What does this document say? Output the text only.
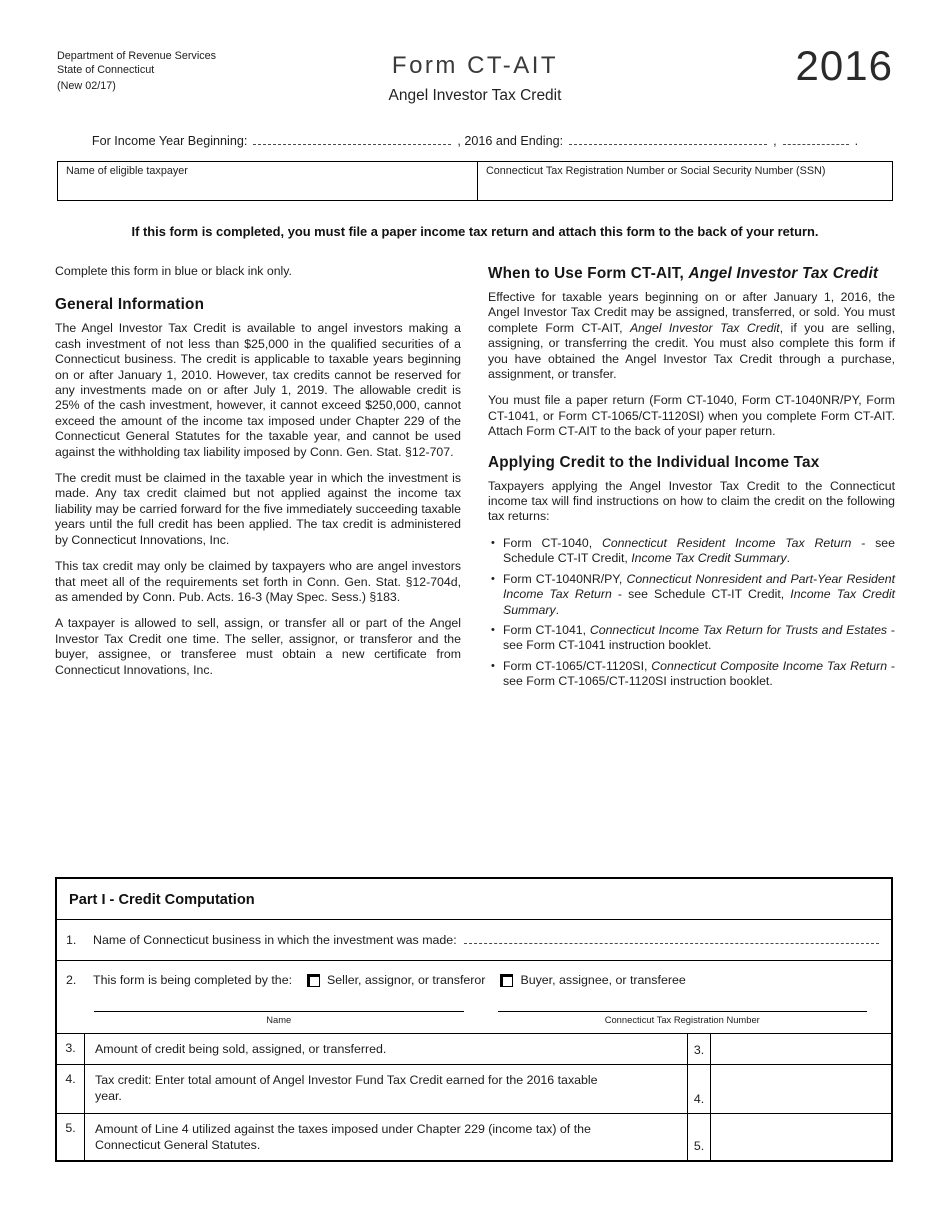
Department of Revenue Services
State of Connecticut
(New 02/17)
Form CT-AIT
Angel Investor Tax Credit
2016
For Income Year Beginning:	, 2016 and Ending:	,	.
Name of eligible taxpayer	Connecticut Tax Registration Number or Social Security Number (SSN)
If this form is completed, you must file a paper income tax return and attach this form to the back of your return.

Complete this form in blue or black ink only.

General Information

The Angel Investor Tax Credit is available to angel investors making a cash investment of not less than $25,000 in the qualified securities of a Connecticut business. The credit is applicable to taxable years beginning on or after January 1, 2010. However, tax credits cannot be reserved for any investments made on or after July 1, 2019. The allowable credit is 25% of the cash investment, however, it cannot exceed $250,000, cannot exceed the amount of the income tax imposed under Chapter 229 of the Connecticut General Statutes for the taxable year, and cannot be used against the withholding tax liability imposed by Conn. Gen. Stat. §12-707.

The credit must be claimed in the taxable year in which the investment is made. Any tax credit claimed but not applied against the income tax liability may be carried forward for the five immediately succeeding taxable years until the full credit has been applied. The tax credit is administered by Connecticut Innovations, Inc.

This tax credit may only be claimed by taxpayers who are angel investors that meet all of the requirements set forth in Conn. Gen. Stat. §12-704d, as amended by Conn. Pub. Acts. 16-3 (May Spec. Sess.) §183.

A taxpayer is allowed to sell, assign, or transfer all or part of the Angel Investor Tax Credit one time. The seller, assignor, or transferor and the buyer, assignee, or transferee must obtain a new certificate from Connecticut Innovations, Inc.

When to Use Form CT-AIT, Angel Investor Tax Credit

Effective for taxable years beginning on or after January 1, 2016, the Angel Investor Tax Credit may be assigned, transferred, or sold. You must complete Form CT-AIT, Angel Investor Tax Credit, if you are selling, assigning, or transferring the credit. You must also complete this form if you have obtained the Angel Investor Tax Credit through a purchase, assignment, or transfer.

You must file a paper return (Form CT-1040, Form CT-1040NR/PY, Form CT-1041, or Form CT-1065/CT-1120SI) when you complete Form CT-AIT. Attach Form CT-AIT to the back of your paper return.

Applying Credit to the Individual Income Tax

Taxpayers applying the Angel Investor Tax Credit to the Connecticut income tax will find instructions on how to claim the credit on the following tax returns:

• Form CT-1040, Connecticut Resident Income Tax Return - see Schedule CT-IT Credit, Income Tax Credit Summary.
• Form CT-1040NR/PY, Connecticut Nonresident and Part-Year Resident Income Tax Return - see Schedule CT-IT Credit, Income Tax Credit Summary.
• Form CT-1041, Connecticut Income Tax Return for Trusts and Estates - see Form CT-1041 instruction booklet.
• Form CT-1065/CT-1120SI, Connecticut Composite Income Tax Return - see Form CT-1065/CT-1120SI instruction booklet.
Part I - Credit Computation
1.	Name of Connecticut business in which the investment was made:
2.	This form is being completed by the:	Seller, assignor, or transferor	Buyer, assignee, or transferee
Name	Connecticut Tax Registration Number
3.	Amount of credit being sold, assigned, or transferred.	3.
4.	Tax credit: Enter total amount of Angel Investor Fund Tax Credit earned for the 2016 taxable year.	4.
5.	Amount of Line 4 utilized against the taxes imposed under Chapter 229 (income tax) of the Connecticut General Statutes.	5.
